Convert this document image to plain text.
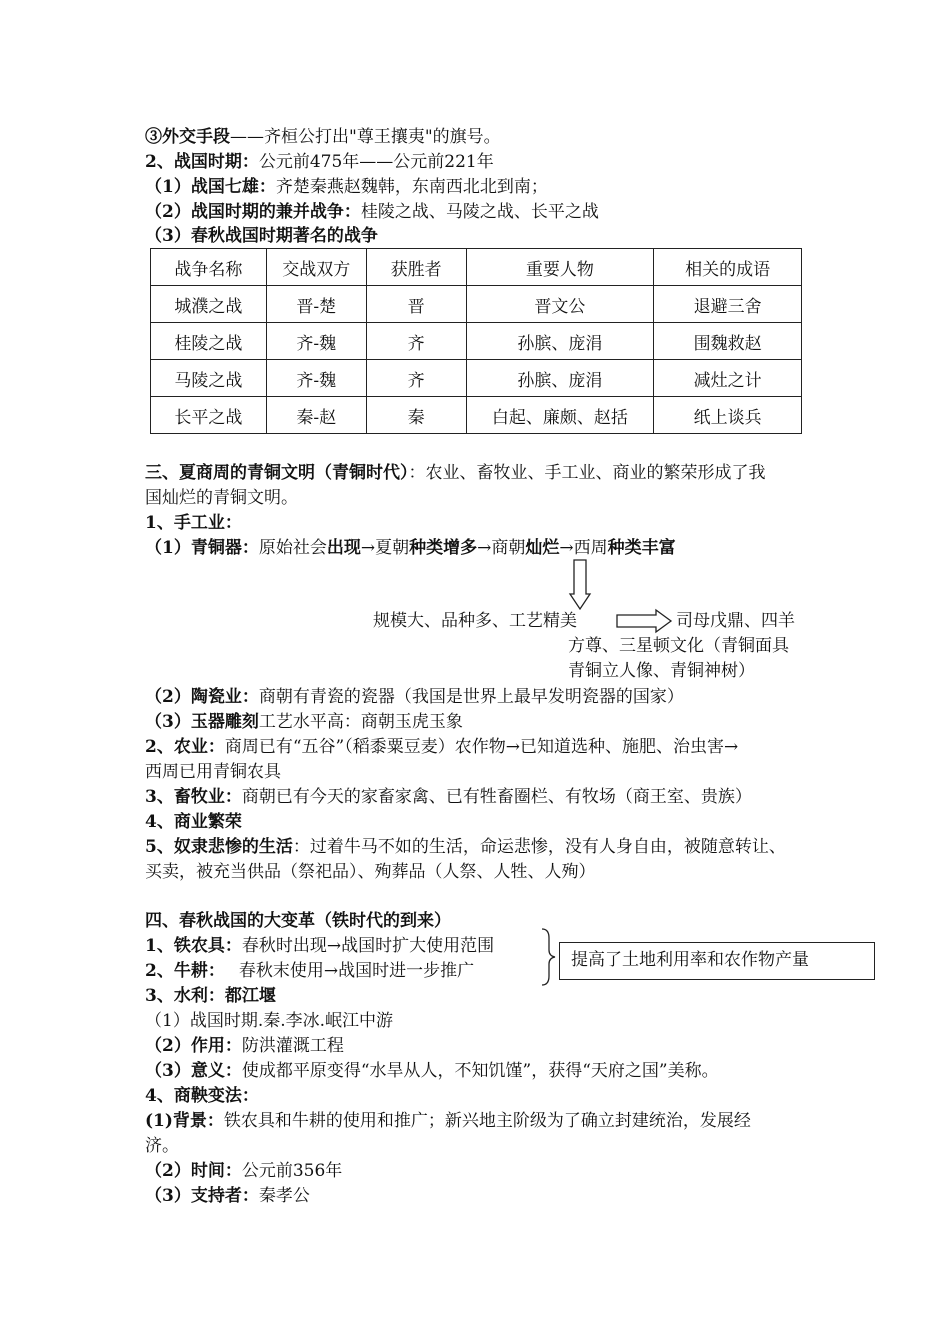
③外交手段——齐桓公打出"尊王攘夷"的旗号。
2、战国时期：公元前475年——公元前221年
（1）战国七雄：齐楚秦燕赵魏韩，东南西北北到南；
（2）战国时期的兼并战争：桂陵之战、马陵之战、长平之战
（3）春秋战国时期著名的战争
战争名称	交战双方	获胜者	重要人物	相关的成语
城濮之战	晋-楚	晋	晋文公	退避三舍
桂陵之战	齐-魏	齐	孙膑、庞涓	围魏救赵
马陵之战	齐-魏	齐	孙膑、庞涓	减灶之计
长平之战	秦-赵	秦	白起、廉颇、赵括	纸上谈兵
三、夏商周的青铜文明（青铜时代）：农业、畜牧业、手工业、商业的繁荣形成了我
国灿烂的青铜文明。
1、手工业：
（1）青铜器：原始社会出现→夏朝种类增多→商朝灿烂→西周种类丰富
规模大、品种多、工艺精美	司母戊鼎、四羊
方尊、三星顿文化（青铜面具
青铜立人像、青铜神树）
（2）陶瓷业：商朝有青瓷的瓷器（我国是世界上最早发明瓷器的国家）
（3）玉器雕刻工艺水平高：商朝玉虎玉象
2、农业：商周已有“五谷”（稻黍粟豆麦）农作物→已知道选种、施肥、治虫害→
西周已用青铜农具
3、畜牧业：商朝已有今天的家畜家禽、已有牲畜圈栏、有牧场（商王室、贵族）
4、商业繁荣
5、奴隶悲惨的生活：过着牛马不如的生活，命运悲惨，没有人身自由，被随意转让、
买卖，被充当供品（祭祀品）、殉葬品（人祭、人牲、人殉）
四、春秋战国的大变革（铁时代的到来）
1、铁农具：春秋时出现→战国时扩大使用范围
2、牛耕： 春秋末使用→战国时进一步推广
提高了土地利用率和农作物产量
3、水利：都江堰
（1）战国时期.秦.李冰.岷江中游
（2）作用：防洪灌溉工程
（3）意义：使成都平原变得“水旱从人，不知饥馑”，获得“天府之国”美称。
4、商鞅变法：
(1)背景：铁农具和牛耕的使用和推广；新兴地主阶级为了确立封建统治，发展经
济。
（2）时间：公元前356年
（3）支持者：秦孝公
